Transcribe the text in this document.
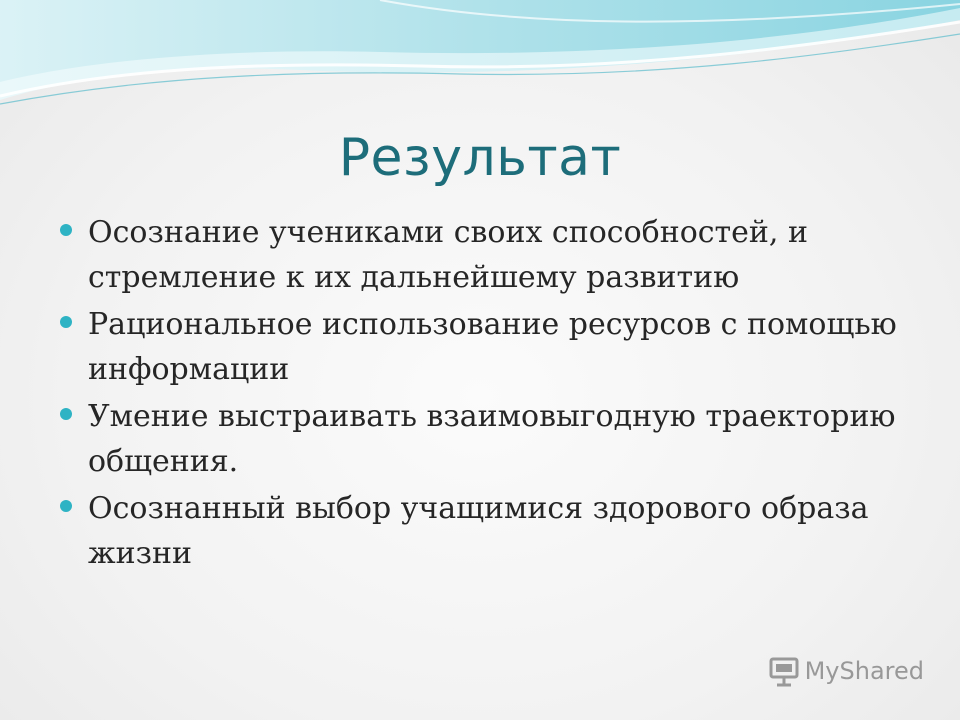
Результат
Осознание учениками своих способностей, и стремление к их дальнейшему развитию
Рациональное использование ресурсов с помощью информации
Умение выстраивать взаимовыгодную траекторию общения.
Осознанный выбор учащимися здорового образа жизни
MyShared
